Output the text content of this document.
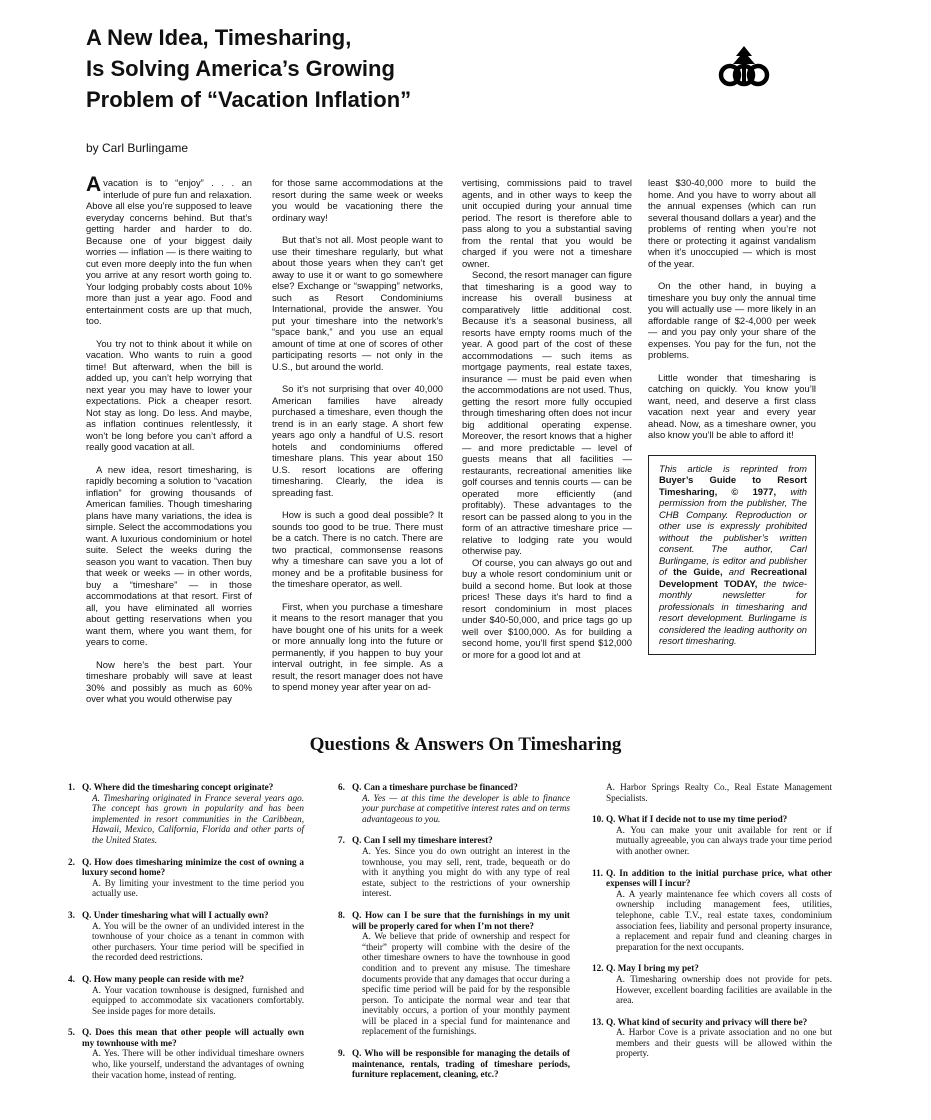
A New Idea, Timesharing,
Is Solving America’s Growing
Problem of “Vacation Inflation”
by Carl Burlingame

Avacation is to “enjoy” . . . an interlude of pure fun and relaxation. Above all else you’re supposed to leave everyday concerns behind. But that’s getting harder and harder to do. Because one of your biggest daily worries — inflation — is there waiting to cut even more deeply into the fun when you arrive at any resort worth going to. Your lodging probably costs about 10% more than just a year ago. Food and entertainment costs are up that much, too.

You try not to think about it while on vacation. Who wants to ruin a good time! But afterward, when the bill is added up, you can’t help worrying that next year you may have to lower your expectations. Pick a cheaper resort. Not stay as long. Do less. And maybe, as inflation continues relentlessly, it won’t be long before you can’t afford a really good vacation at all.

A new idea, resort timesharing, is rapidly becoming a solution to “vacation inflation” for growing thousands of American families. Though timesharing plans have many variations, the idea is simple. Select the accommodations you want. A luxurious condominium or hotel suite. Select the weeks during the season you want to vacation. Then buy that week or weeks — in other words, buy a “timeshare” — in those accommodations at that resort. First of all, you have eliminated all worries about getting reservations when you want them, where you want them, for years to come.

Now here’s the best part. Your timeshare probably will save at least 30% and possibly as much as 60% over what you would otherwise pay

for those same accommodations at the resort during the same week or weeks you would be vacationing there the ordinary way!

But that’s not all. Most people want to use their timeshare regularly, but what about those years when they can’t get away to use it or want to go somewhere else? Exchange or “swapping” networks, such as Resort Condominiums International, provide the answer. You put your timeshare into the network’s “space bank,” and you use an equal amount of time at one of scores of other participating resorts — not only in the U.S., but around the world.

So it’s not surprising that over 40,000 American families have already purchased a timeshare, even though the trend is in an early stage. A short few years ago only a handful of U.S. resort hotels and condominiums offered timeshare plans. This year about 150 U.S. resort locations are offering timesharing. Clearly, the idea is spreading fast.

How is such a good deal possible? It sounds too good to be true. There must be a catch. There is no catch. There are two practical, commonsense reasons why a timeshare can save you a lot of money and be a profitable business for the timeshare operator, as well.

First, when you purchase a timeshare it means to the resort manager that you have bought one of his units for a week or more annually long into the future or permanently, if you happen to buy your interval outright, in fee simple. As a result, the resort manager does not have to spend money year after year on ad-

vertising, commissions paid to travel agents, and in other ways to keep the unit occupied during your annual time period. The resort is therefore able to pass along to you a substantial saving from the rental that you would be charged if you were not a timeshare owner.

Second, the resort manager can figure that timesharing is a good way to increase his overall business at comparatively little additional cost. Because it’s a seasonal business, all resorts have empty rooms much of the year. A good part of the cost of these accommodations — such items as mortgage payments, real estate taxes, insurance — must be paid even when the accommodations are not used. Thus, getting the resort more fully occupied through timesharing often does not incur big additional operating expense. Moreover, the resort knows that a higher — and more predictable — level of guests means that all facilities — restaurants, recreational amenities like golf courses and tennis courts — can be operated more efficiently (and profitably). These advantages to the resort can be passed along to you in the form of an attractive timeshare price — relative to lodging rate you would otherwise pay.

Of course, you can always go out and buy a whole resort condominium unit or build a second home. But look at those prices! These days it’s hard to find a resort condominium in most places under $40-50,000, and price tags go up well over $100,000. As for building a second home, you’ll first spend $12,000 or more for a good lot and at

least $30-40,000 more to build the home. And you have to worry about all the annual expenses (which can run several thousand dollars a year) and the problems of renting when you’re not there or protecting it against vandalism when it’s unoccupied — which is most of the year.

On the other hand, in buying a timeshare you buy only the annual time you will actually use — more likely in an affordable range of $2-4,000 per week — and you pay only your share of the expenses. You pay for the fun, not the problems.

Little wonder that timesharing is catching on quickly. You know you’ll want, need, and deserve a first class vacation next year and every year ahead. Now, as a timeshare owner, you also know you’ll be able to afford it!

This article is reprinted from Buyer’s Guide to Resort Timesharing, © 1977, with permission from the publisher, The CHB Company. Reproduction or other use is expressly prohibited without the publisher’s written consent. The author, Carl Burlingame, is editor and publisher of the Guide, and Recreational Development TODAY, the twice-monthly newsletter for professionals in timesharing and resort development. Burlingame is considered the leading authority on resort timesharing.
Questions & Answers On Timesharing
1. Q. Where did the timesharing concept originate?
A. Timesharing originated in France several years ago. The concept has grown in popularity and has been implemented in resort communities in the Caribbean, Hawaii, Mexico, California, Florida and other parts of the United States.
2. Q. How does timesharing minimize the cost of owning a luxury second home?
A. By limiting your investment to the time period you actually use.
3. Q. Under timesharing what will I actually own?
A. You will be the owner of an undivided interest in the townhouse of your choice as a tenant in common with other purchasers. Your time period will be specified in the recorded deed restrictions.
4. Q. How many people can reside with me?
A. Your vacation townhouse is designed, furnished and equipped to accommodate six vacationers comfortably. See inside pages for more details.
5. Q. Does this mean that other people will actually own my townhouse with me?
A. Yes. There will be other individual timeshare owners who, like yourself, understand the advantages of owning their vacation home, instead of renting.
6. Q. Can a timeshare purchase be financed?
A. Yes — at this time the developer is able to finance your purchase at competitive interest rates and on terms advantageous to you.
7. Q. Can I sell my timeshare interest?
A. Yes. Since you do own outright an interest in the townhouse, you may sell, rent, trade, bequeath or do with it anything you might do with any type of real estate, subject to the restrictions of your ownership interest.
8. Q. How can I be sure that the furnishings in my unit will be properly cared for when I’m not there?
A. We believe that pride of ownership and respect for “their” property will combine with the desire of the other timeshare owners to have the townhouse in good condition and to prevent any misuse. The timeshare documents provide that any damages that occur during a specific time period will be paid for by the responsible person. To anticipate the normal wear and tear that inevitably occurs, a portion of your monthly payment will be placed in a special fund for maintenance and replacement of the furnishings.
9. Q. Who will be responsible for managing the details of maintenance, rentals, trading of timeshare periods, furniture replacement, cleaning, etc.?
A. Harbor Springs Realty Co., Real Estate Management Specialists.
10. Q. What if I decide not to use my time period?
A. You can make your unit available for rent or if mutually agreeable, you can always trade your time period with another owner.
11. Q. In addition to the initial purchase price, what other expenses will I incur?
A. A yearly maintenance fee which covers all costs of ownership including management fees, utilities, telephone, cable T.V., real estate taxes, condominium association fees, liability and personal property insurance, a replacement and repair fund and cleaning charges in preparation for the next occupants.
12. Q. May I bring my pet?
A. Timesharing ownership does not provide for pets. However, excellent boarding facilities are available in the area.
13. Q. What kind of security and privacy will there be?
A. Harbor Cove is a private association and no one but members and their guests will be allowed within the property.
